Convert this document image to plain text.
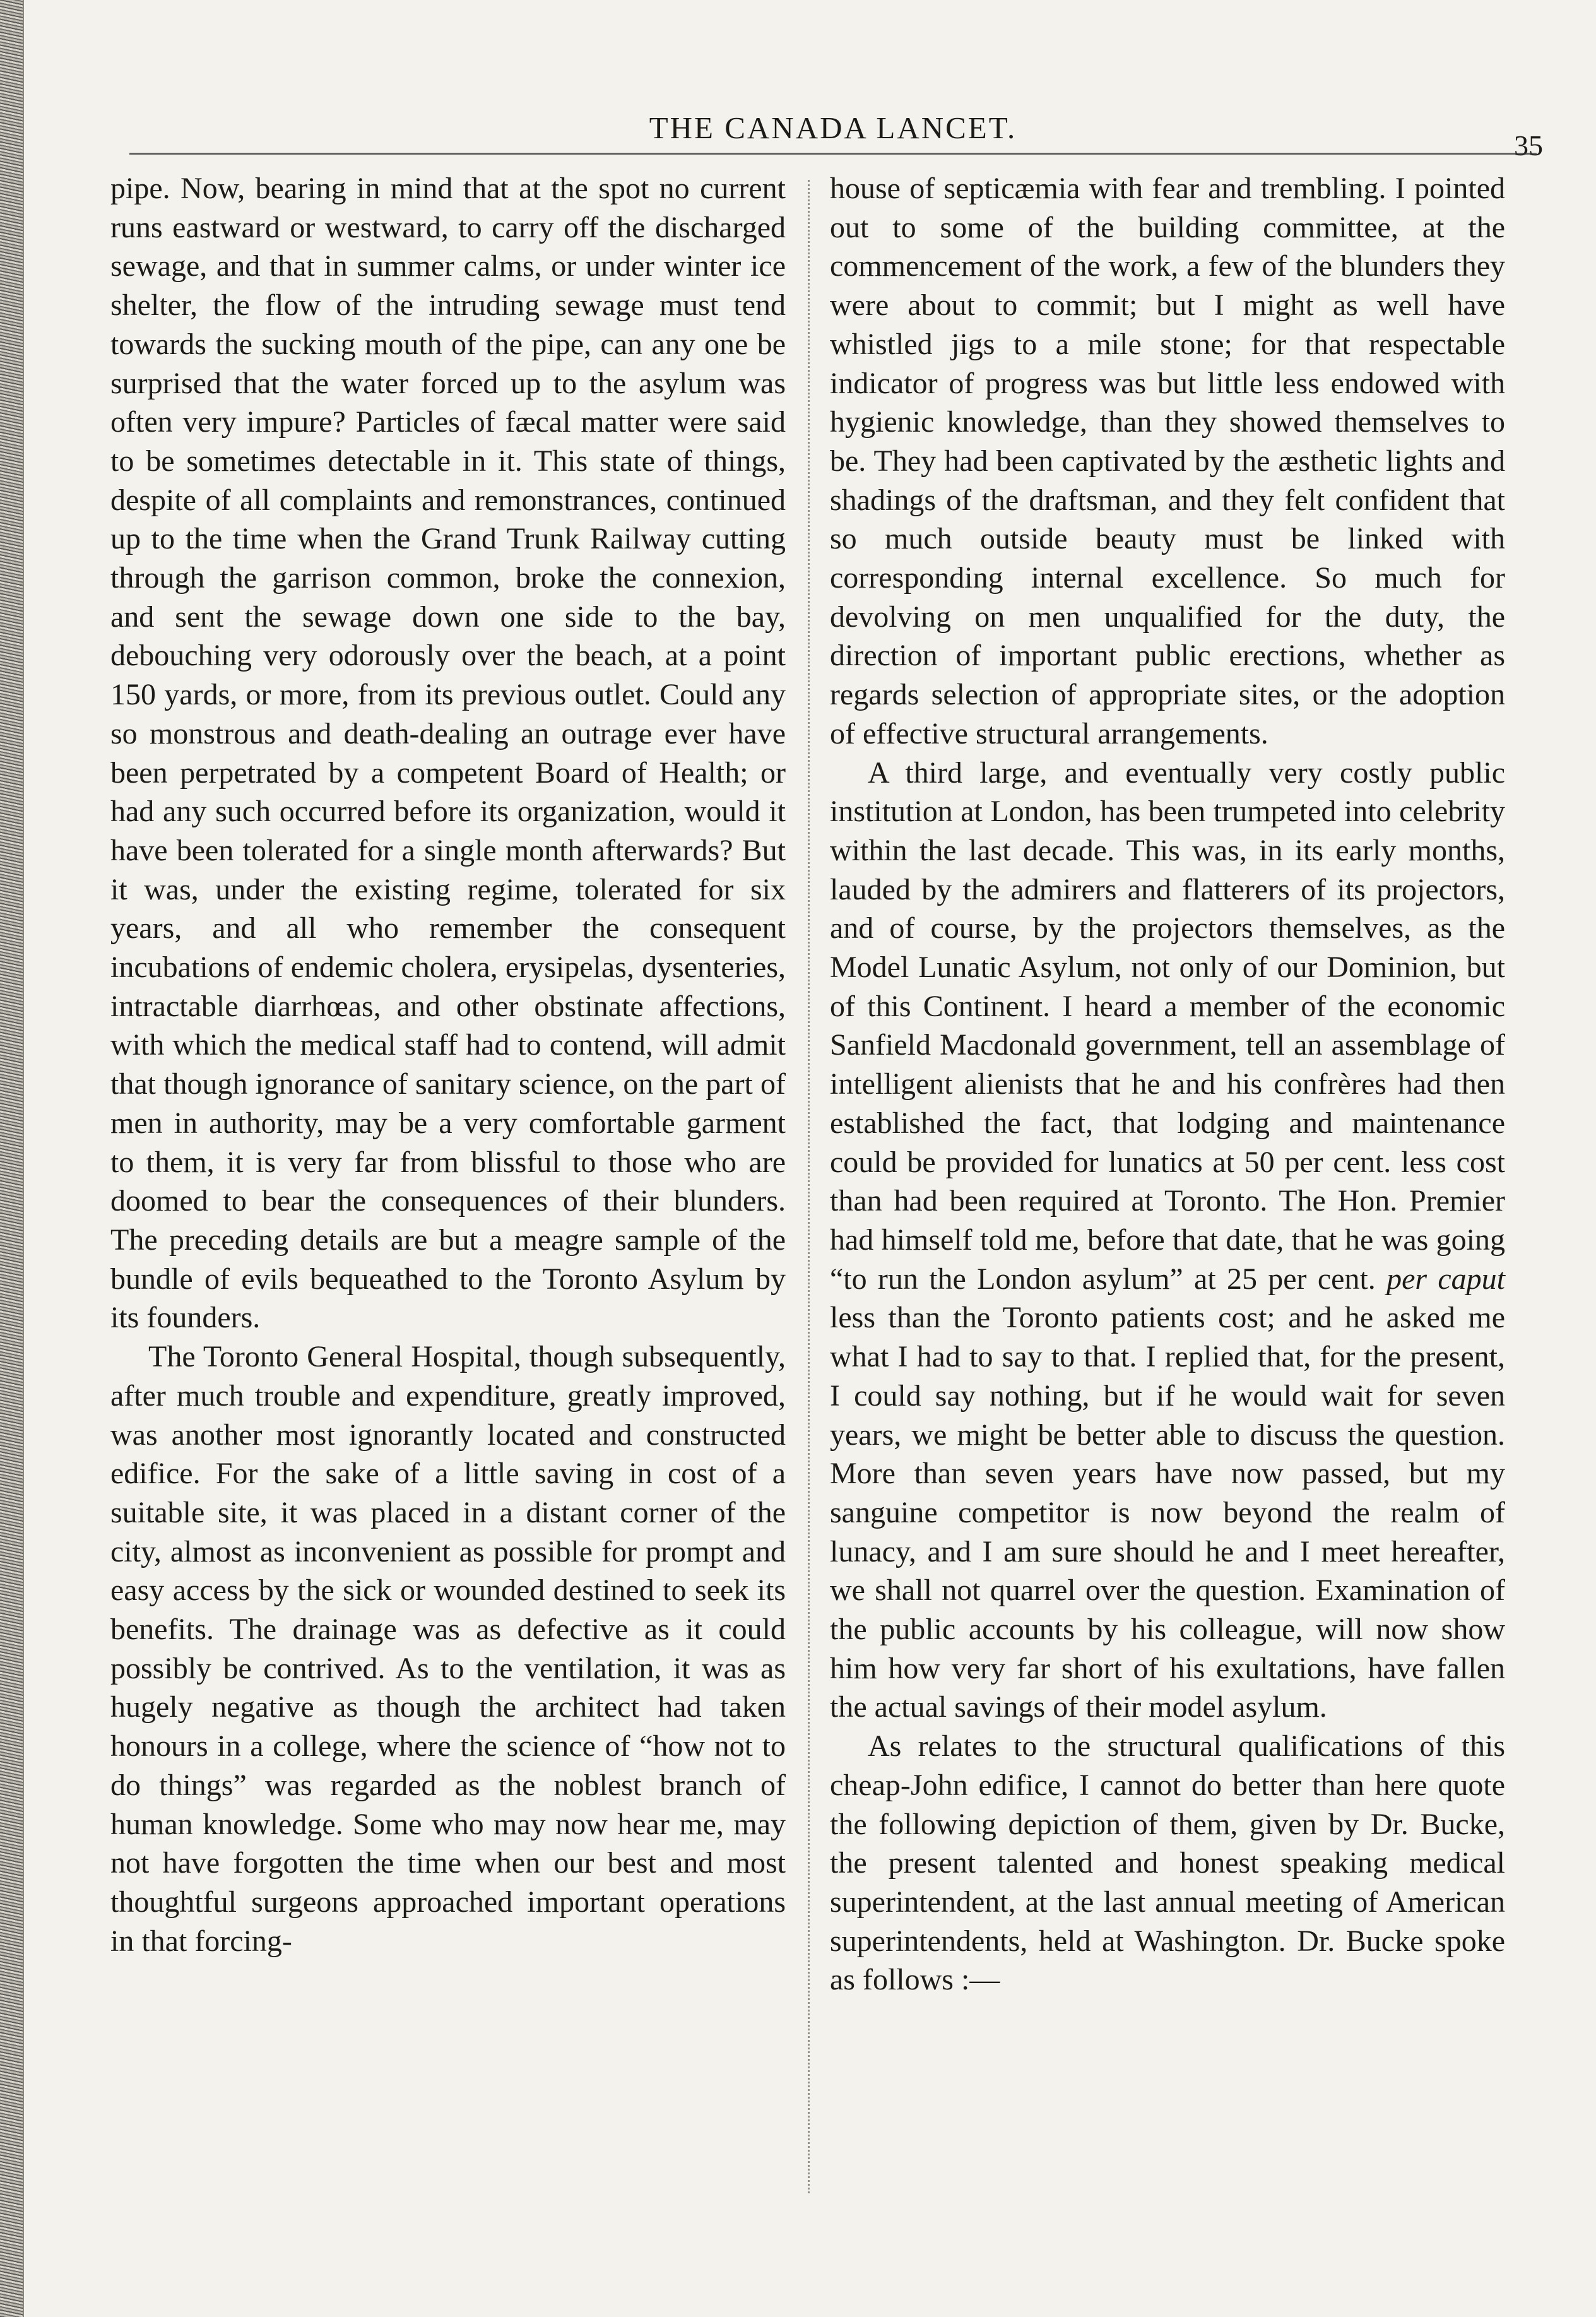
THE CANADA LANCET.
35

pipe. Now, bearing in mind that at the spot no current runs eastward or westward, to carry off the discharged sewage, and that in summer calms, or under winter ice shelter, the flow of the intruding sewage must tend towards the sucking mouth of the pipe, can any one be surprised that the water forced up to the asylum was often very impure? Particles of fæcal matter were said to be sometimes detectable in it. This state of things, despite of all complaints and remonstrances, continued up to the time when the Grand Trunk Railway cutting through the garrison common, broke the connexion, and sent the sewage down one side to the bay, debouching very odorously over the beach, at a point 150 yards, or more, from its previous outlet. Could any so monstrous and death-dealing an outrage ever have been perpetrated by a competent Board of Health; or had any such occurred before its organization, would it have been tolerated for a single month afterwards? But it was, under the existing regime, tolerated for six years, and all who remember the consequent incubations of endemic cholera, erysipelas, dysenteries, intractable diarrhœas, and other obstinate affections, with which the medical staff had to contend, will admit that though ignorance of sanitary science, on the part of men in authority, may be a very comfortable garment to them, it is very far from blissful to those who are doomed to bear the consequences of their blunders. The preceding details are but a meagre sample of the bundle of evils bequeathed to the Toronto Asylum by its founders.

The Toronto General Hospital, though subsequently, after much trouble and expenditure, greatly improved, was another most ignorantly located and constructed edifice. For the sake of a little saving in cost of a suitable site, it was placed in a distant corner of the city, almost as inconvenient as possible for prompt and easy access by the sick or wounded destined to seek its benefits. The drainage was as defective as it could possibly be contrived. As to the ventilation, it was as hugely negative as though the architect had taken honours in a college, where the science of “how not to do things” was regarded as the noblest branch of human knowledge. Some who may now hear me, may not have forgotten the time when our best and most thoughtful surgeons approached important operations in that forcing-

house of septicæmia with fear and trembling. I pointed out to some of the building committee, at the commencement of the work, a few of the blunders they were about to commit; but I might as well have whistled jigs to a mile stone; for that respectable indicator of progress was but little less endowed with hygienic knowledge, than they showed themselves to be. They had been captivated by the æsthetic lights and shadings of the draftsman, and they felt confident that so much outside beauty must be linked with corresponding internal excellence. So much for devolving on men unqualified for the duty, the direction of important public erections, whether as regards selection of appropriate sites, or the adoption of effective structural arrangements.

A third large, and eventually very costly public institution at London, has been trumpeted into celebrity within the last decade. This was, in its early months, lauded by the admirers and flatterers of its projectors, and of course, by the projectors themselves, as the Model Lunatic Asylum, not only of our Dominion, but of this Continent. I heard a member of the economic Sanfield Macdonald government, tell an assemblage of intelligent alienists that he and his confrères had then established the fact, that lodging and maintenance could be provided for lunatics at 50 per cent. less cost than had been required at Toronto. The Hon. Premier had himself told me, before that date, that he was going “to run the London asylum” at 25 per cent. per caput less than the Toronto patients cost; and he asked me what I had to say to that. I replied that, for the present, I could say nothing, but if he would wait for seven years, we might be better able to discuss the question. More than seven years have now passed, but my sanguine competitor is now beyond the realm of lunacy, and I am sure should he and I meet hereafter, we shall not quarrel over the question. Examination of the public accounts by his colleague, will now show him how very far short of his exultations, have fallen the actual savings of their model asylum.

As relates to the structural qualifications of this cheap-John edifice, I cannot do better than here quote the following depiction of them, given by Dr. Bucke, the present talented and honest speaking medical superintendent, at the last annual meeting of American superintendents, held at Washington. Dr. Bucke spoke as follows :—
